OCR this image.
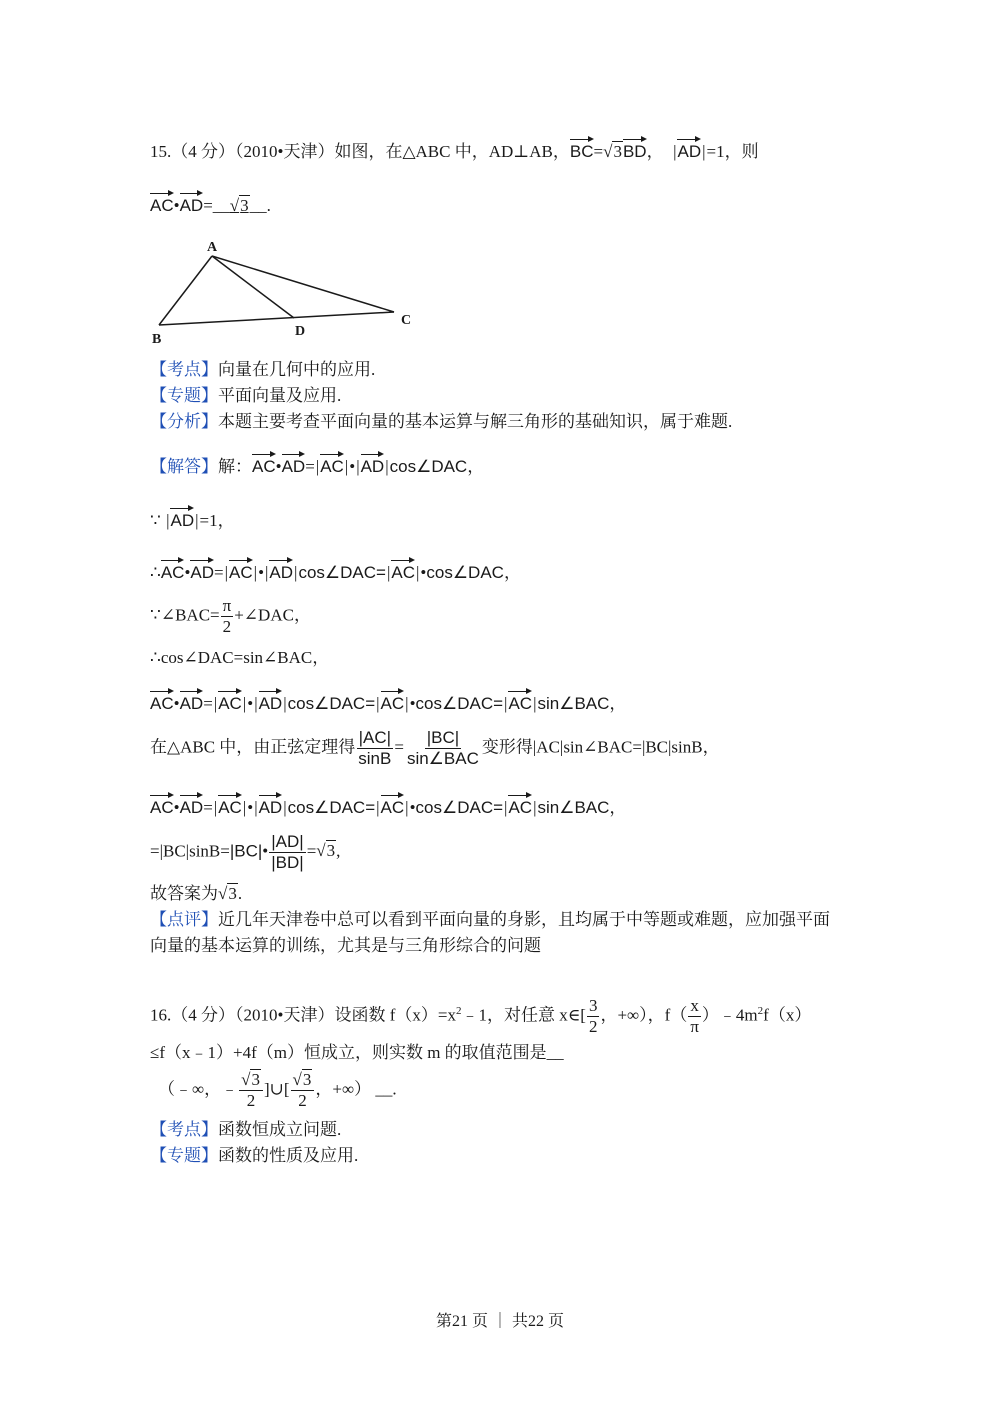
15.（4 分）（2010•天津）如图，在△ABC 中，AD⊥AB，BC=√3BD， |AD|=1，则
AC•AD=__√3__.
A
B
C
D
【考点】向量在几何中的应用.
【专题】平面向量及应用.
【分析】本题主要考查平面向量的基本运算与解三角形的基础知识，属于难题.
【解答】解：AC•AD=|AC|•|AD|cos∠DAC，
∵ |AD|=1，
∴AC•AD=|AC|•|AD|cos∠DAC=|AC|•cos∠DAC，
∵∠BAC= $\frac{\pi}{2}$ +∠DAC，
∴cos∠DAC=sin∠BAC，
AC•AD=|AC|•|AD|cos∠DAC=|AC|•cos∠DAC=|AC|sin∠BAC，
在△ABC 中，由正弦定理得 $\frac{|AC|}{\sin B} = \frac{|BC|}{\text{sin∠BAC}}$ 变形得|AC|sin∠BAC=|BC|sinB，
AC•AD=|AC|•|AD|cos∠DAC=|AC|•cos∠DAC=|AC|sin∠BAC，
=|BC|sinB=|BC|• $\frac{|AD|}{|BD|} =√3$,
故答案为√3.
【点评】近几年天津卷中总可以看到平面向量的身影，且均属于中等题或难题，应加强平面
向量的基本运算的训练，尤其是与三角形综合的问题
16.（4 分）（2010•天津）设函数 $f(x)=x^2﹣1$，对任意 x∈[ $\frac{3}{2}$ ，+∞），$f( \frac{x}{\pi}$ ）$﹣4m^2f(x)$
≤f（x﹣1）+4f（m）恒成立，则实数 m 的取值范围是__
（﹣∞，﹣ $\frac{√3}{2}$ ]∪[ $\frac{√3}{2}$ ，+∞） __.
【考点】函数恒成立问题.
【专题】函数的性质及应用.
第21 页 ｜ 共22 页
